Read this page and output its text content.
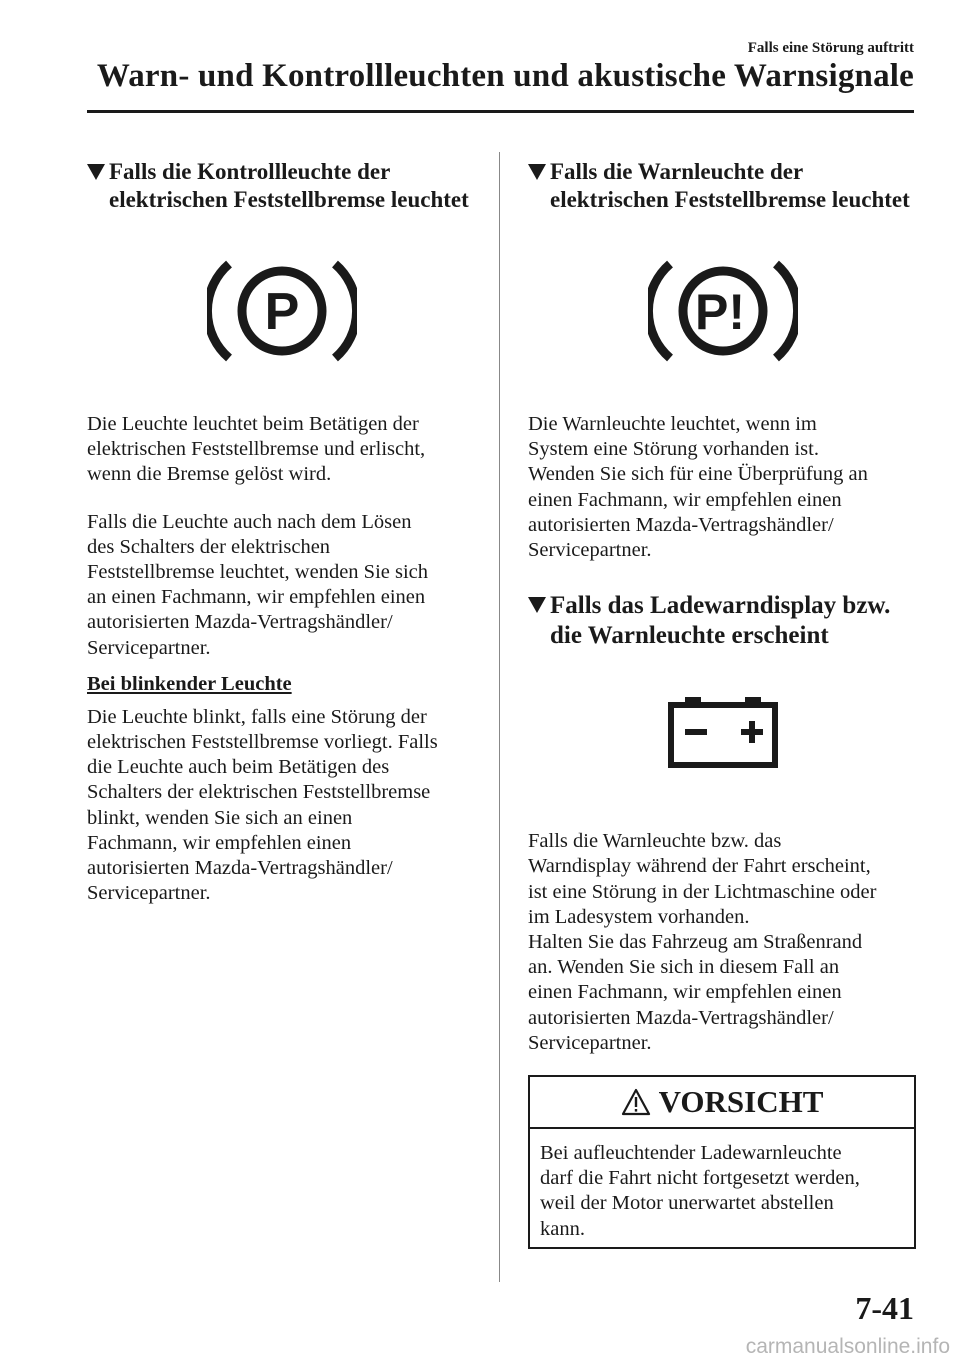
Falls eine Störung auftritt
Warn- und Kontrollleuchten und akustische Warnsignale
Falls die Kontrollleuchte der
elektrischen Feststellbremse leuchtet
P

Die Leuchte leuchtet beim Betätigen der
elektrischen Feststellbremse und erlischt,
wenn die Bremse gelöst wird.

Falls die Leuchte auch nach dem Lösen
des Schalters der elektrischen
Feststellbremse leuchtet, wenden Sie sich
an einen Fachmann, wir empfehlen einen
autorisierten Mazda-Vertragshändler/
Servicepartner.

Bei blinkender Leuchte

Die Leuchte blinkt, falls eine Störung der
elektrischen Feststellbremse vorliegt. Falls
die Leuchte auch beim Betätigen des
Schalters der elektrischen Feststellbremse
blinkt, wenden Sie sich an einen
Fachmann, wir empfehlen einen
autorisierten Mazda-Vertragshändler/
Servicepartner.

Falls die Warnleuchte der
elektrischen Feststellbremse leuchtet
P!

Die Warnleuchte leuchtet, wenn im
System eine Störung vorhanden ist.
Wenden Sie sich für eine Überprüfung an
einen Fachmann, wir empfehlen einen
autorisierten Mazda-Vertragshändler/
Servicepartner.

Falls das Ladewarndisplay bzw.
die Warnleuchte erscheint

Falls die Warnleuchte bzw. das
Warndisplay während der Fahrt erscheint,
ist eine Störung in der Lichtmaschine oder
im Ladesystem vorhanden.
Halten Sie das Fahrzeug am Straßenrand
an. Wenden Sie sich in diesem Fall an
einen Fachmann, wir empfehlen einen
autorisierten Mazda-Vertragshändler/
Servicepartner.

VORSICHT

Bei aufleuchtender Ladewarnleuchte
darf die Fahrt nicht fortgesetzt werden,
weil der Motor unerwartet abstellen
kann.

7-41
carmanualsonline.info
